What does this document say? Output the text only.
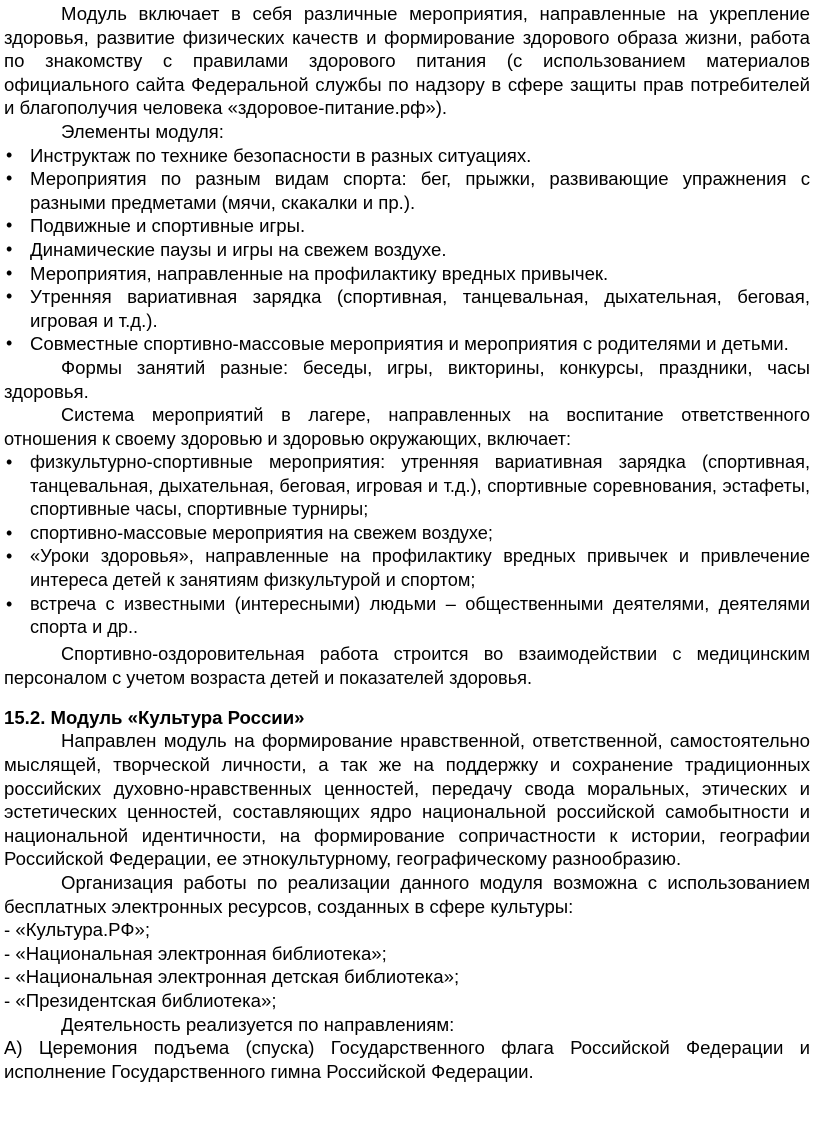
Модуль включает в себя различные мероприятия, направленные на укрепление здоровья, развитие физических качеств и формирование здорового образа жизни, работа по знакомству с правилами здорового питания (с использованием материалов официального сайта Федеральной службы по надзору в сфере защиты прав потребителей и благополучия человека «здоровое-питание.рф»).

Элементы модуля:

• Инструктаж по технике безопасности в разных ситуациях.
• Мероприятия по разным видам спорта: бег, прыжки, развивающие упражнения с разными предметами (мячи, скакалки и пр.).
• Подвижные и спортивные игры.
• Динамические паузы и игры на свежем воздухе.
• Мероприятия, направленные на профилактику вредных привычек.
• Утренняя вариативная зарядка (спортивная, танцевальная, дыхательная, беговая, игровая и т.д.).
• Совместные спортивно-массовые мероприятия и мероприятия с родителями и детьми.

Формы занятий разные: беседы, игры, викторины, конкурсы, праздники, часы здоровья.

Система мероприятий в лагере, направленных на воспитание ответственного отношения к своему здоровью и здоровью окружающих, включает:

• физкультурно-спортивные мероприятия: утренняя вариативная зарядка (спортивная, танцевальная, дыхательная, беговая, игровая и т.д.), спортивные соревнования, эстафеты, спортивные часы, спортивные турниры;
• спортивно-массовые мероприятия на свежем воздухе;
• «Уроки здоровья», направленные на профилактику вредных привычек и привлечение интереса детей к занятиям физкультурой и спортом;
• встреча с известными (интересными) людьми – общественными деятелями, деятелями спорта и др..

Спортивно-оздоровительная работа строится во взаимодействии с медицинским персоналом с учетом возраста детей и показателей здоровья.

15.2. Модуль «Культура России»

Направлен модуль на формирование нравственной, ответственной, самостоятельно мыслящей, творческой личности, а так же на поддержку и сохранение традиционных российских духовно-нравственных ценностей, передачу свода моральных, этических и эстетических ценностей, составляющих ядро национальной российской самобытности и национальной идентичности, на формирование сопричастности к истории, географии Российской Федерации, ее этнокультурному, географическому разнообразию.

Организация работы по реализации данного модуля возможна с использованием бесплатных электронных ресурсов, созданных в сфере культуры:

- «Культура.РФ»;

- «Национальная электронная библиотека»;

- «Национальная электронная детская библиотека»;

- «Президентская библиотека»;

Деятельность реализуется по направлениям:

А) Церемония подъема (спуска) Государственного флага Российской Федерации и исполнение Государственного гимна Российской Федерации.
